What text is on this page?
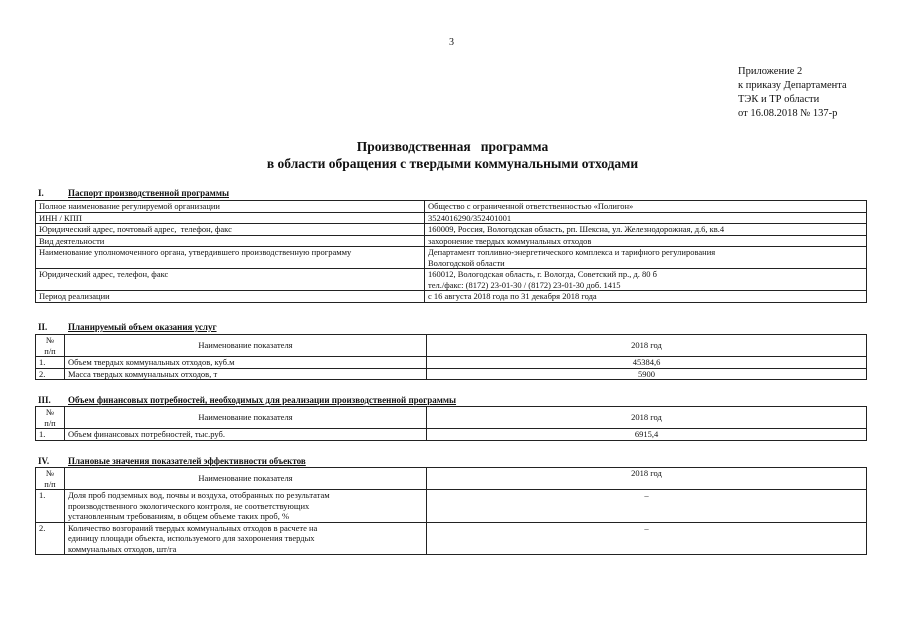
3
Приложение 2
к приказу Департамента
ТЭК и ТР области
от 16.08.2018 № 137-р
Производственная   программа
в области обращения с твердыми коммунальными отходами
I.	Паспорт производственной программы
Полное наименование регулируемой организации	Общество с ограниченной ответственностью «Полигон»
ИНН / КПП	3524016290/352401001
Юридический адрес, почтовый адрес,  телефон, факс	160009, Россия, Вологодская область, рп. Шексна, ул. Железнодорожная, д.6, кв.4
Вид деятельности	захоронение твердых коммунальных отходов
Наименование уполномоченного органа, утвердившего производственную программу	Департамент топливно-энергетического комплекса и тарифного регулирования
Вологодской области

Юридический адрес, телефон, факс	160012, Вологодская область, г. Вологда, Советский пр., д. 80 б
тел./факс: (8172) 23-01-30 / (8172) 23-01-30 доб. 1415

Период реализации	с 16 августа 2018 года по 31 декабря 2018 года
II. Планируемый объем оказания услуг
№
п/п	Наименование показателя	2018 год
1.	Объем твердых коммунальных отходов, куб.м	45384,6
2.	Масса твердых коммунальных отходов, т	5900
III. Объем финансовых потребностей, необходимых для реализации производственной программы
№
п/п	Наименование показателя	2018 год
1.	Объем финансовых потребностей, тыс.руб.	6915,4
IV. Плановые значения показателей эффективности объектов
№
п/п	Наименование показателя	2018 год
1.	Доля проб подземных вод, почвы и воздуха, отобранных по результатам
производственного экологического контроля, не соответствующих
установленным требованиям, в общем объеме таких проб, %	–
2.	Количество возгораний твердых коммунальных отходов в расчете на
единицу площади объекта, используемого для захоронения твердых
коммунальных отходов, шт/га	–
